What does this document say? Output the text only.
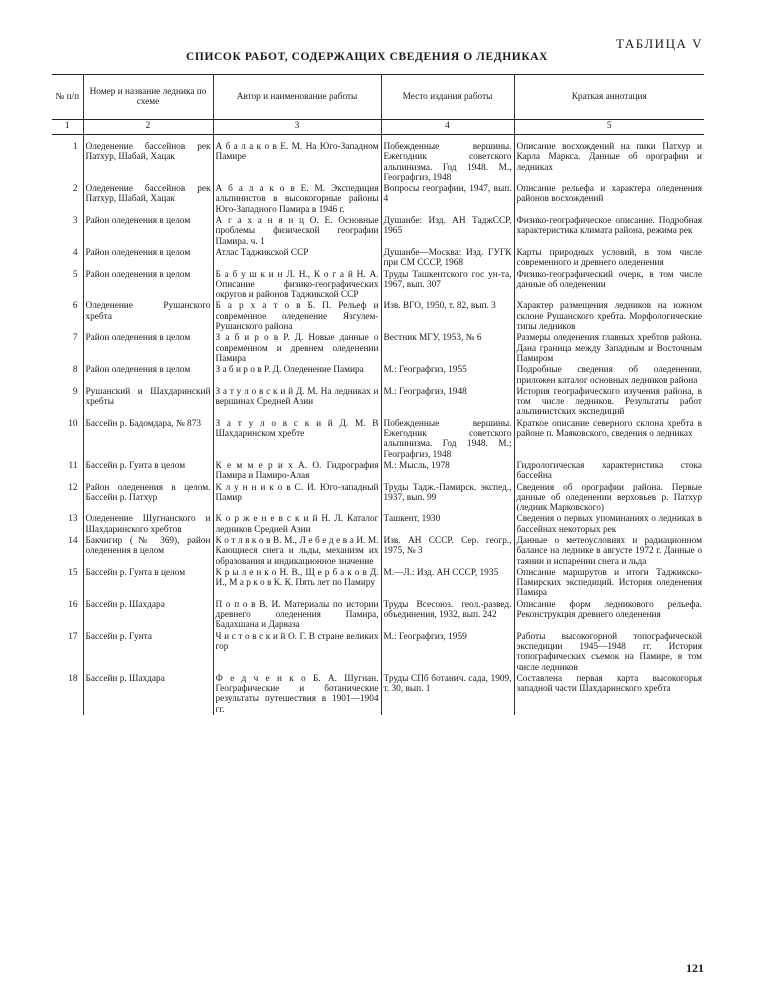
ТАБЛИЦА V
СПИСОК РАБОТ, СОДЕРЖАЩИХ СВЕДЕНИЯ О ЛЕДНИКАХ
№ п/п	Номер и название ледника по схеме	Автор и наименование работы	Место издания работы	Краткая аннотация
1	2	3	4	5

1	Оледенение бассейнов рек Патхур, Шабай, Хацак	А б а л а к о в Е. М. На Юго-Западном Памире	Побежденные вершины. Ежегодник советского альпинизма. Год 1948. М., Географгиз, 1948	Описание восхождений на пики Патхур и Карла Маркса. Данные об орографии и ледниках
2	Оледенение бассейнов рек Патхур, Шабай, Хацак	А б а л а к о в Е. М. Экспедиция альпинистов в высокогорные районы Юго-Западного Памира в 1946 г.	Вопросы географии, 1947, вып. 4	Описание рельефа и характера оледенения районов восхождений
3	Район оледенения в целом	А г а х а н я н ц О. Е. Основные проблемы физической географии Памира. ч. 1	Душанбе: Изд. АН ТаджССР, 1965	Физико-географическое описание. Подробная характеристика климата района, режима рек
4	Район оледенения в целом	Атлас Таджикской ССР	Душанбе—Москва: Изд. ГУГК при СМ СССР, 1968	Карты природных условий, в том числе современного и древнего оледенения
5	Район оледенения в целом	Б а б у ш к и н Л. Н., К о г а й Н. А. Описание физико-географических округов и районов Таджикской ССР	Труды Ташкентского гос ун-та, 1967, вып. 307	Физико-географический очерк, в том числе данные об оледенении
6	Оледенение Рушанского хребта	Б а р х а т о в Б. П. Рельеф и современное оледенение Язгулем-Рушанского района	Изв. ВГО, 1950, т. 82, вып. 3	Характер размещения ледников на южном склоне Рушанского хребта. Морфологические типы ледников
7	Район оледенения в целом	З а б и р о в Р. Д. Новые данные о современном и древнем оледенении Памира	Вестник МГУ, 1953, № 6	Размеры оледенения главных хребтов района. Дана граница между Западным и Восточным Памиром
8	Район оледенения в целом	З а б и р о в Р. Д. Оледенение Памира	М.: Географгиз, 1955	Подробные сведения об оледенении, приложен каталог основных ледников района
9	Рушанский и Шахдаринский хребты	З а т у л о в с к и й Д. М. На ледниках и вершинах Средней Азии	М.: Географгиз, 1948	История географического изучения района, в том числе ледников. Результаты работ альпинистских экспедиций
10	Бассейн р. Бадомдара, № 873	З а т у л о в с к и й Д. М. В Шахдаринском хребте	Побежденные вершины. Ежегодник советского альпинизма. Год 1948. М.; Географгиз, 1948	Краткое описание северного склона хребта в районе п. Маяковского, сведения о ледниках
11	Бассейн р. Гунта в целом	К е м м е р и х А. О. Гидрография Памира и Памиро-Алая	М.: Мысль, 1978	Гидрологическая характеристика стока бассейна
12	Район оледенения в целом. Бассейн р. Патхур	К л у н н и к о в С. И. Юго-западный Памир	Труды Тадж.-Памирск. экспед., 1937, вып. 99	Сведения об орографии района. Первые данные об оледенении верховьев р. Патхур (ледник Марковского)
13	Оледенение Шугнанского и Шахдаринского хребтов	К о р ж е н е в с к и й Н. Л. Каталог ледников Средней Азии	Ташкент, 1930	Сведения о первых упоминаниях о ледниках в бассейнах некоторых рек
14	Бакчигир (№ 369), район оледенения в целом	К о т л я к о в В. М., Л е б е д е в а И. М. Кающиеся снега и льды, механизм их образования и индикационное значение	Изв. АН СССР. Сер. геогр., 1975, № 3	Данные о метеоусловиях и радиационном балансе на леднике в августе 1972 г. Данные о таянии и испарении снега и льда
15	Бассейн р. Гунта в целом	К р ы л е н к о Н. В., Щ е р б а к о в Д. И., М а р к о в К. К. Пять лет по Памиру	М.—Л.: Изд. АН СССР, 1935	Описание маршрутов и итоги Таджикско-Памирских экспедиций. История оледенения Памира
16	Бассейн р. Шахдара	П о п о в В. И. Материалы по истории древнего оледенения Памира, Бадахшана и Дарваза	Труды Всесоюз. геол.-развед. объединения, 1932, вып. 242	Описание форм ледникового рельефа. Реконструкция древнего оледенения
17	Бассейн р. Гунта	Ч и с т о в с к и й О. Г. В стране великих гор	М.: Географгиз, 1959	Работы высокогорной топографической экспедиции 1945—1948 гг. История топографических съемок на Памире, в том числе ледников
18	Бассейн р. Шахдара	Ф е д ч е н к о Б. А. Шугнан. Географические и ботанические результаты путешествия в 1901—1904 гг.	Труды СПб ботанич. сада, 1909, т. 30, вып. 1	Составлена первая карта высокогорья западной части Шахдаринского хребта
121
